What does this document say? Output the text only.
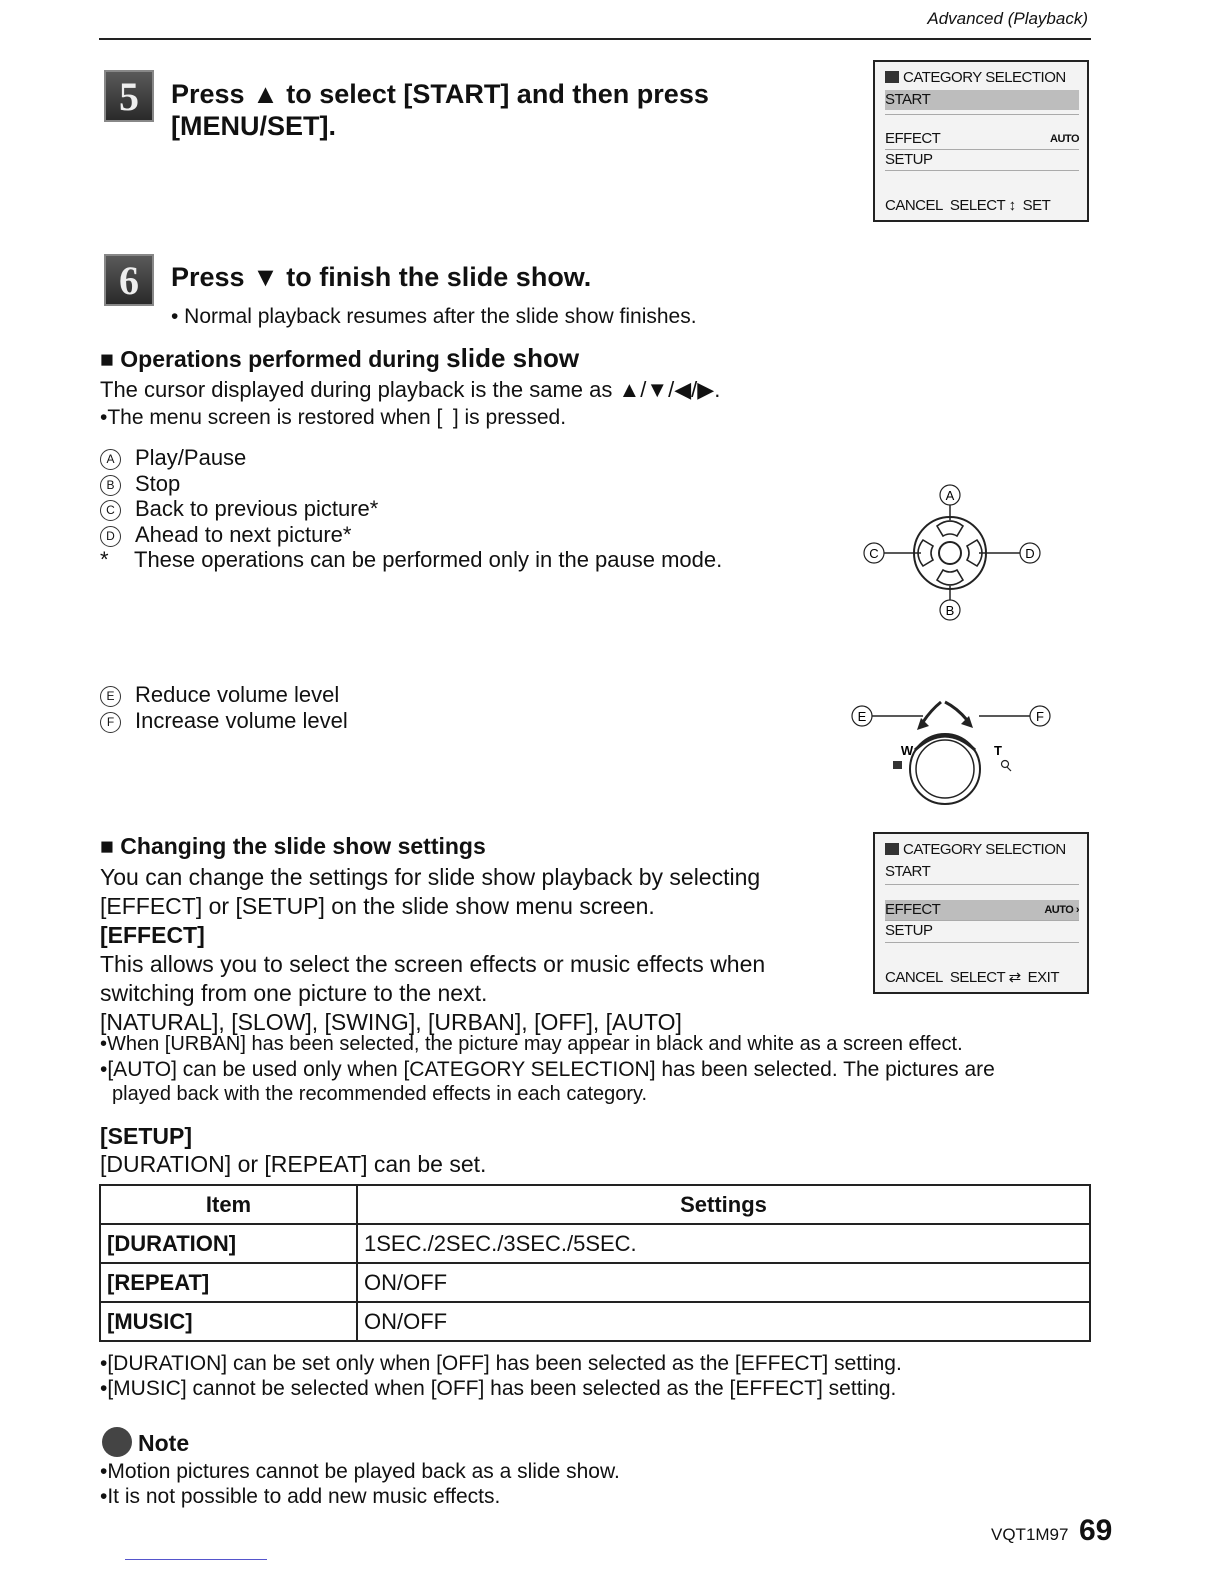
Advanced (Playback)
5 Press ▲ to select [START] and then press
[MENU/SET].
CATEGORY SELECTION
START
EFFECT	AUTO
SETUP
CANCEL SELECT ↕ SET
6 Press ▼ to finish the slide show.
• Normal playback resumes after the slide show finishes.
■ Operations performed during slide show
The cursor displayed during playback is the same as ▲/▼/◀/▶.
•The menu screen is restored when [ ] is pressed.
A Play/Pause
B Stop
C Back to previous picture*
D Ahead to next picture*
* These operations can be performed only in the pause mode.
A
B
C	D
E Reduce volume level
F Increase volume level	E	F
W	T
■ Changing the slide show settings
You can change the settings for slide show playback by selecting
[EFFECT] or [SETUP] on the slide show menu screen.
[EFFECT]
This allows you to select the screen effects or music effects when
switching from one picture to the next.
[NATURAL], [SLOW], [SWING], [URBAN], [OFF], [AUTO]
•When [URBAN] has been selected, the picture may appear in black and white as a screen effect.
•[AUTO] can be used only when [CATEGORY SELECTION] has been selected. The pictures are
played back with the recommended effects in each category.
[SETUP]
[DURATION] or [REPEAT] can be set.
CATEGORY SELECTION
START
EFFECT	AUTO ›
SETUP
CANCEL SELECT ⇄ EXIT
Item	Settings
[DURATION]	1SEC./2SEC./3SEC./5SEC.
[REPEAT]	ON/OFF
[MUSIC]	ON/OFF
•[DURATION] can be set only when [OFF] has been selected as the [EFFECT] setting.
•[MUSIC] cannot be selected when [OFF] has been selected as the [EFFECT] setting.
Note
•Motion pictures cannot be played back as a slide show.
•It is not possible to add new music effects.
VQT1M97 69
